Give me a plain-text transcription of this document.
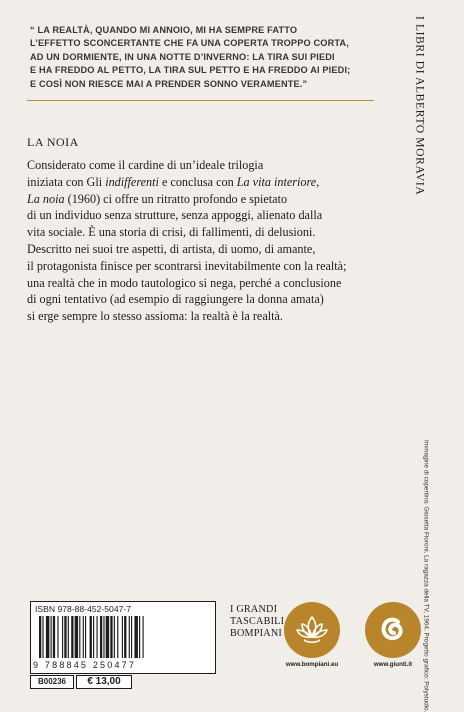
“ LA REALTÀ, QUANDO MI ANNOIO, MI HA SEMPRE FATTO
L’EFFETTO SCONCERTANTE CHE FA UNA COPERTA TROPPO CORTA,
AD UN DORMIENTE, IN UNA NOTTE D’INVERNO: LA TIRA SUI PIEDI
E HA FREDDO AL PETTO, LA TIRA SUL PETTO E HA FREDDO AI PIEDI;
E COSÌ NON RIESCE MAI A PRENDER SONNO VERAMENTE.”	I LIBRI DI ALBERTO MORAVIA
LA NOIA
Considerato come il cardine di un’ideale trilogia
iniziata con Gli indifferenti e conclusa con La vita interiore,
La noia (1960) ci offre un ritratto profondo e spietato
di un individuo senza strutture, senza appoggi, alienato dalla
vita sociale. È una storia di crisi, di fallimenti, di delusioni.
Descritto nei suoi tre aspetti, di artista, di uomo, di amante,
il protagonista finisce per scontrarsi inevitabilmente con la realtà;
una realtà che in modo tautologico si nega, perché a conclusione
di ogni tentativo (ad esempio di raggiungere la donna amata)
si erge sempre lo stesso assioma: la realtà è la realtà.
Immagine di copertina: Giosetta Fioroni, La ragazza della TV, 1964. Progetto grafico: Polystudio.
ISBN 978-88-452-5047-7
9 788845 250477
B00236	€ 13,00
I GRANDI
TASCABILI
BOMPIANI
www.bompiani.eu	www.giunti.it
